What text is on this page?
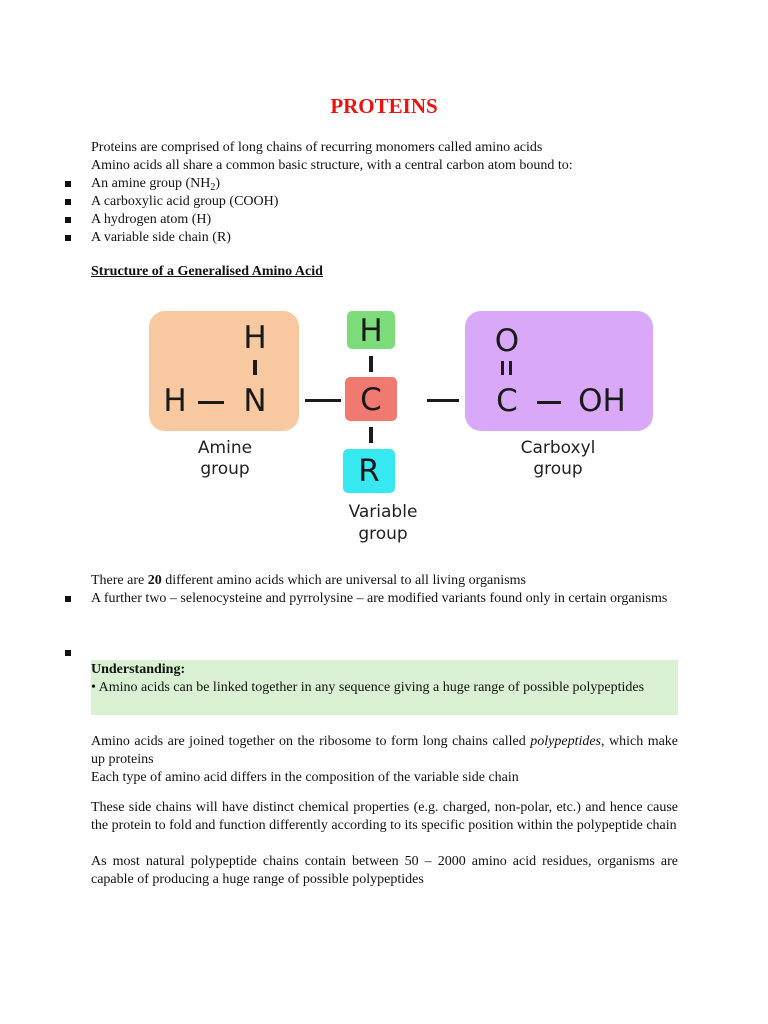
PROTEINS
Proteins are comprised of long chains of recurring monomers called amino acids
Amino acids all share a common basic structure, with a central carbon atom bound to:
An amine group $(NH_2)$
A carboxylic acid group (COOH)
A hydrogen atom (H)
A variable side chain (R)
Structure of a Generalised Amino Acid
H
H N
Amine
group
H
C
R
Variable
group
O
C	OH
Carboxyl
group
There are 20 different amino acids which are universal to all living organisms
A further two – selenocysteine and pyrrolysine – are modified variants found only in certain organisms
Understanding:
• Amino acids can be linked together in any sequence giving a huge range of possible polypeptides
Amino acids are joined together on the ribosome to form long chains called polypeptides, which make up proteins
Each type of amino acid differs in the composition of the variable side chain
These side chains will have distinct chemical properties (e.g. charged, non-polar, etc.) and hence cause the protein to fold and function differently according to its specific position within the polypeptide chain
As most natural polypeptide chains contain between 50 – 2000 amino acid residues, organisms are capable of producing a huge range of possible polypeptides
